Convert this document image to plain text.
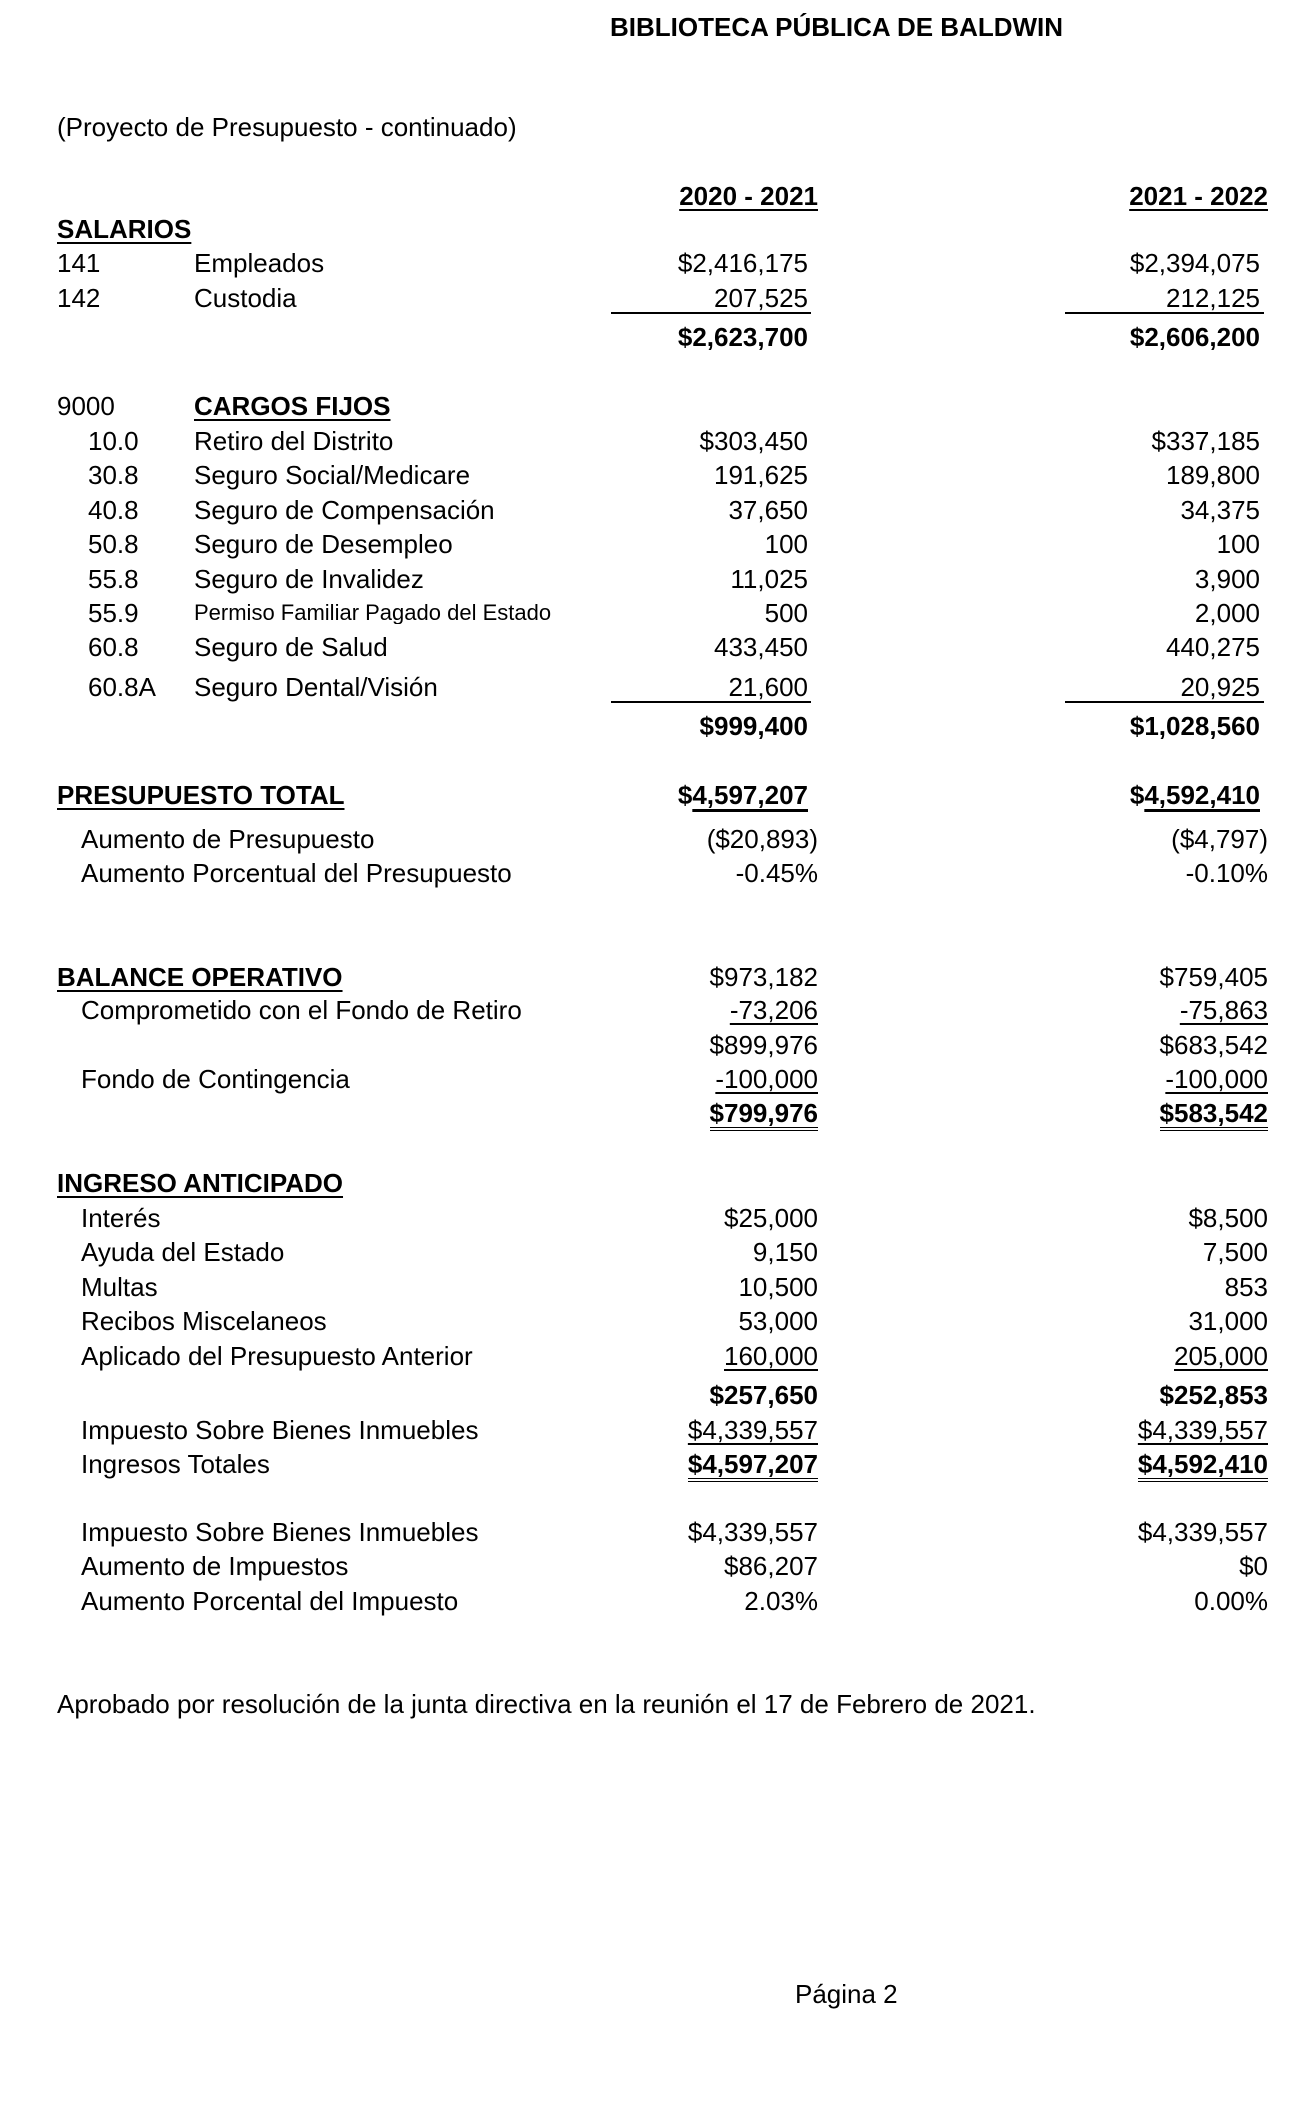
BIBLIOTECA PÚBLICA DE BALDWIN
(Proyecto de Presupuesto - continuado)
2020 - 2021	2021 - 2022
SALARIOS
141	Empleados	$2,416,175	$2,394,075
142	Custodia	207,525	212,125
$2,623,700	$2,606,200
9000	CARGOS FIJOS
10.0 Retiro del Distrito	$303,450	$337,185
30.8 Seguro Social/Medicare	191,625	189,800
40.8 Seguro de Compensación	37,650	34,375
50.8 Seguro de Desempleo	100	100
55.8 Seguro de Invalidez	11,025	3,900
55.9	Permiso Familiar Pagado del Estado	500	2,000
60.8 Seguro de Salud	433,450	440,275
60.8A Seguro Dental/Visión	21,600	20,925
$999,400	$1,028,560
PRESUPUESTO TOTAL	$4,597,207	$4,592,410
Aumento de Presupuesto	($20,893)	($4,797)
Aumento Porcentual del Presupuesto	-0.45%	-0.10%
BALANCE OPERATIVO	$973,182	$759,405
Comprometido con el Fondo de Retiro	-73,206	-75,863
$899,976	$683,542
Fondo de Contingencia	-100,000	-100,000
$799,976	$583,542
INGRESO ANTICIPADO
Interés	$25,000	$8,500
Ayuda del Estado	9,150	7,500
Multas	10,500	853
Recibos Miscelaneos	53,000	31,000
Aplicado del Presupuesto Anterior	160,000	205,000
$257,650	$252,853
Impuesto Sobre Bienes Inmuebles	$4,339,557	$4,339,557
Ingresos Totales	$4,597,207	$4,592,410
Impuesto Sobre Bienes Inmuebles	$4,339,557	$4,339,557
Aumento de Impuestos	$86,207	$0
Aumento Porcental del Impuesto	2.03%	0.00%
Aprobado por resolución de la junta directiva en la reunión el 17 de Febrero de 2021.
Página 2
